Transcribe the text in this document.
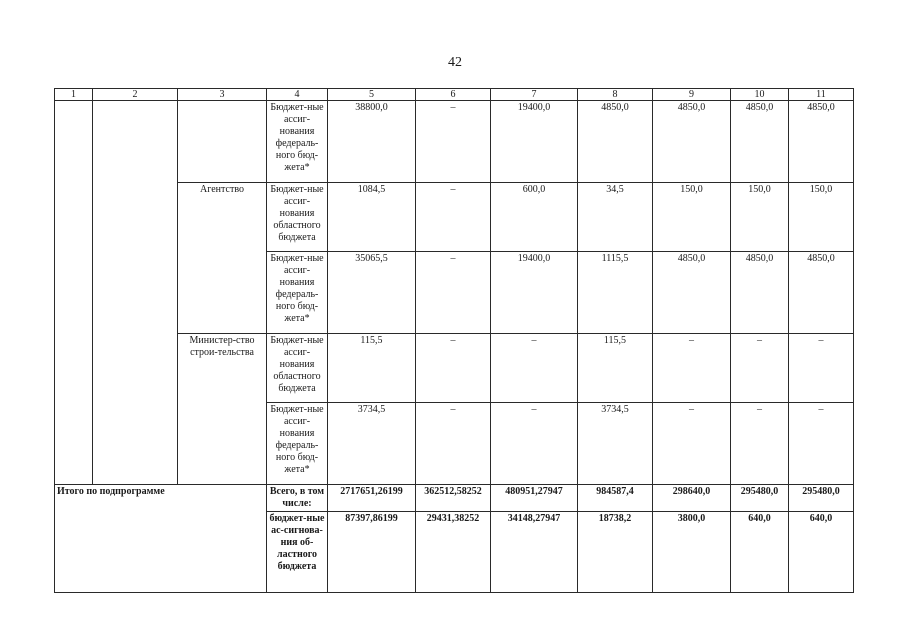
42
1	2	3	4	5	6	7	8	9	10	11
			Бюджет-ные ассиг-нования федераль-ного бюд-жета*	38800,0	–	19400,0	4850,0	4850,0	4850,0	4850,0
		Агентство	Бюджет-ные ассиг-нования областного бюджета	1084,5	–	600,0	34,5	150,0	150,0	150,0
			Бюджет-ные ассиг-нования федераль-ного бюд-жета*	35065,5	–	19400,0	1115,5	4850,0	4850,0	4850,0
		Министер-ство строи-тельства	Бюджет-ные ассиг-нования областного бюджета	115,5	–	–	115,5	–	–	–
			Бюджет-ные ассиг-нования федераль-ного бюд-жета*	3734,5	–	–	3734,5	–	–	–
Итого по подпрограмме			Всего, в том числе:	2717651,26199	362512,58252	480951,27947	984587,4	298640,0	295480,0	295480,0
			бюджет-ные ас-сигнова-ния об-ластного бюджета	87397,86199	29431,38252	34148,27947	18738,2	3800,0	640,0	640,0
